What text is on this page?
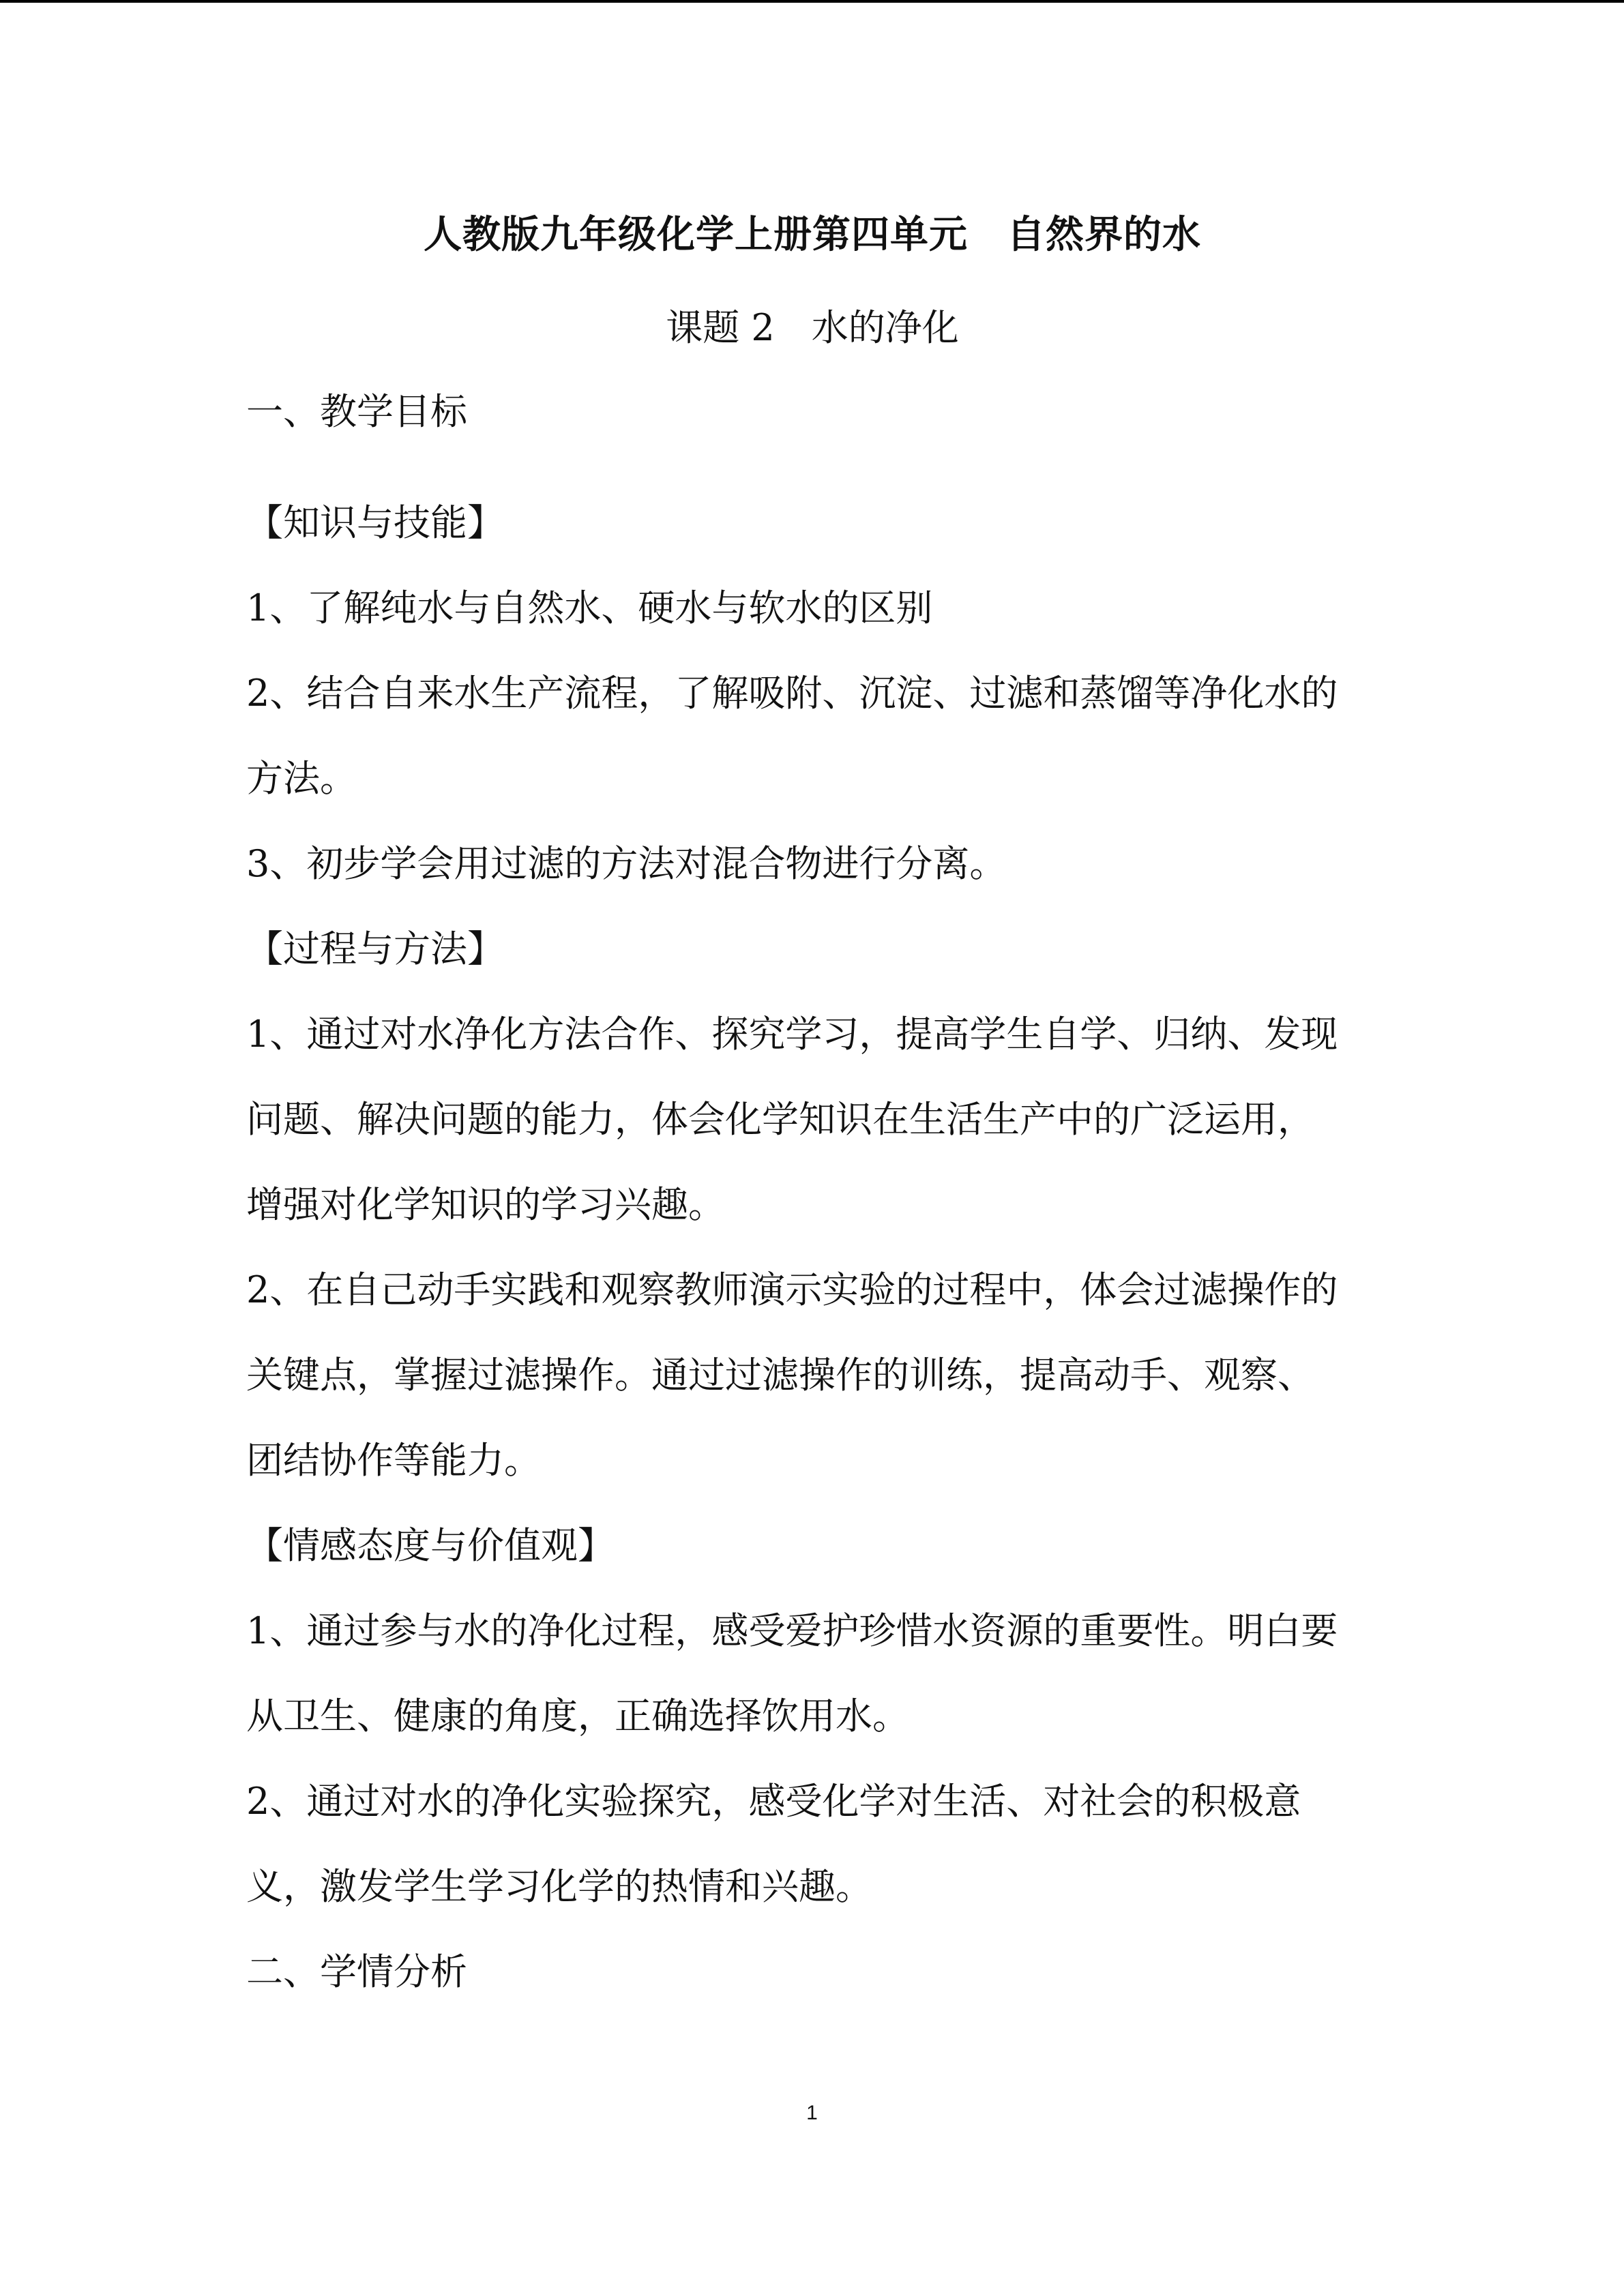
人教版九年级化学上册第四单元　自然界的水
课题 2　水的净化
一、教学目标
【知识与技能】
1、了解纯水与自然水、硬水与软水的区别
2、结合自来水生产流程，了解吸附、沉淀、过滤和蒸馏等净化水的
方法。
3、初步学会用过滤的方法对混合物进行分离。
【过程与方法】
1、通过对水净化方法合作、探究学习，提高学生自学、归纳、发现
问题、解决问题的能力，体会化学知识在生活生产中的广泛运用，
增强对化学知识的学习兴趣。
2、在自己动手实践和观察教师演示实验的过程中，体会过滤操作的
关键点，掌握过滤操作。通过过滤操作的训练，提高动手、观察、
团结协作等能力。
【情感态度与价值观】
1、通过参与水的净化过程，感受爱护珍惜水资源的重要性。明白要
从卫生、健康的角度，正确选择饮用水。
2、通过对水的净化实验探究，感受化学对生活、对社会的积极意
义，激发学生学习化学的热情和兴趣。
二、学情分析
1
